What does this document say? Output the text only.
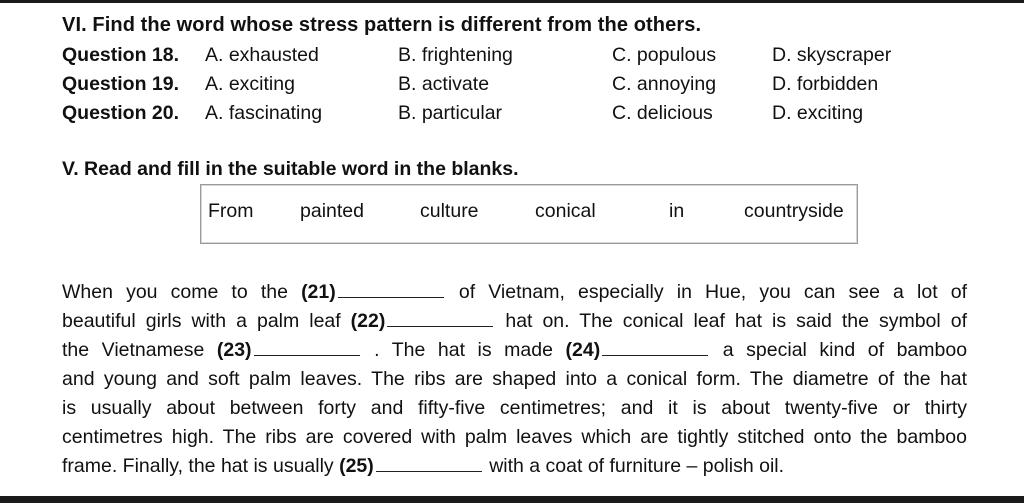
VI. Find the word whose stress pattern is different from the others.
Question 18. A. exhausted	B. frightening	C. populous	D. skyscraper
Question 19. A. exciting	B. activate	C. annoying	D. forbidden
Question 20. A. fascinating	B. particular	C. delicious	D. exciting
V. Read and fill in the suitable word in the blanks.
From painted	culture	conical	in	countryside
When you come to the (21)	of Vietnam, especially in Hue, you can see a lot of
beautiful girls with a palm leaf (22)	hat on. The conical leaf hat is said the symbol of
the Vietnamese (23)	. The hat is made (24)	a special kind of bamboo
and young and soft palm leaves. The ribs are shaped into a conical form. The diametre of the hat
is usually about between forty and fifty-five centimetres; and it is about twenty-five or thirty
centimetres high. The ribs are covered with palm leaves which are tightly stitched onto the bamboo
frame. Finally, the hat is usually (25)	with a coat of furniture – polish oil.
